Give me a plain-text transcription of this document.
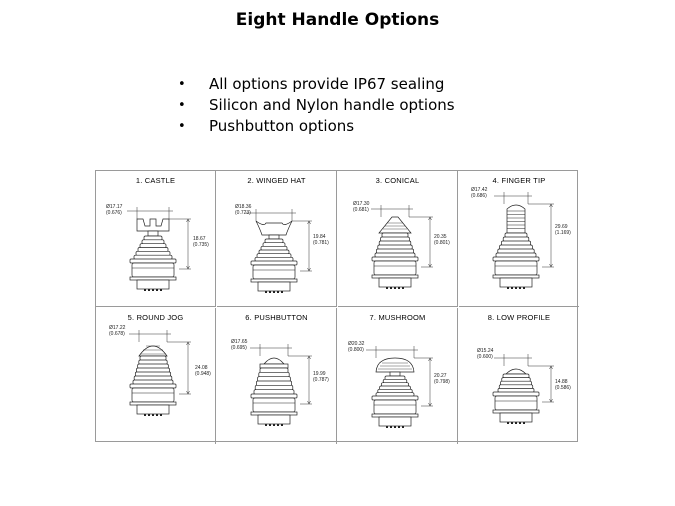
Eight Handle Options
• All options provide IP67 sealing
• Silicon and Nylon handle options
• Pushbutton options
1. CASTLE
Ø17.17
(0.676)
18.67
(0.735)
2. WINGED HAT
Ø18.36
(0.723)
19.84
(0.781)
3. CONICAL
Ø17.30
(0.681)
20.35
(0.801)
4. FINGER TIP
Ø17.42
(0.686)
29.69
(1.169)
5. ROUND JOG
Ø17.22
(0.678)
24.08
(0.948)
6. PUSHBUTTON
Ø17.65
(0.695)
19.99
(0.787)
7. MUSHROOM
Ø20.32
(0.800)
20.27
(0.798)
8. LOW PROFILE
Ø15.24
(0.600)
14.88
(0.586)
